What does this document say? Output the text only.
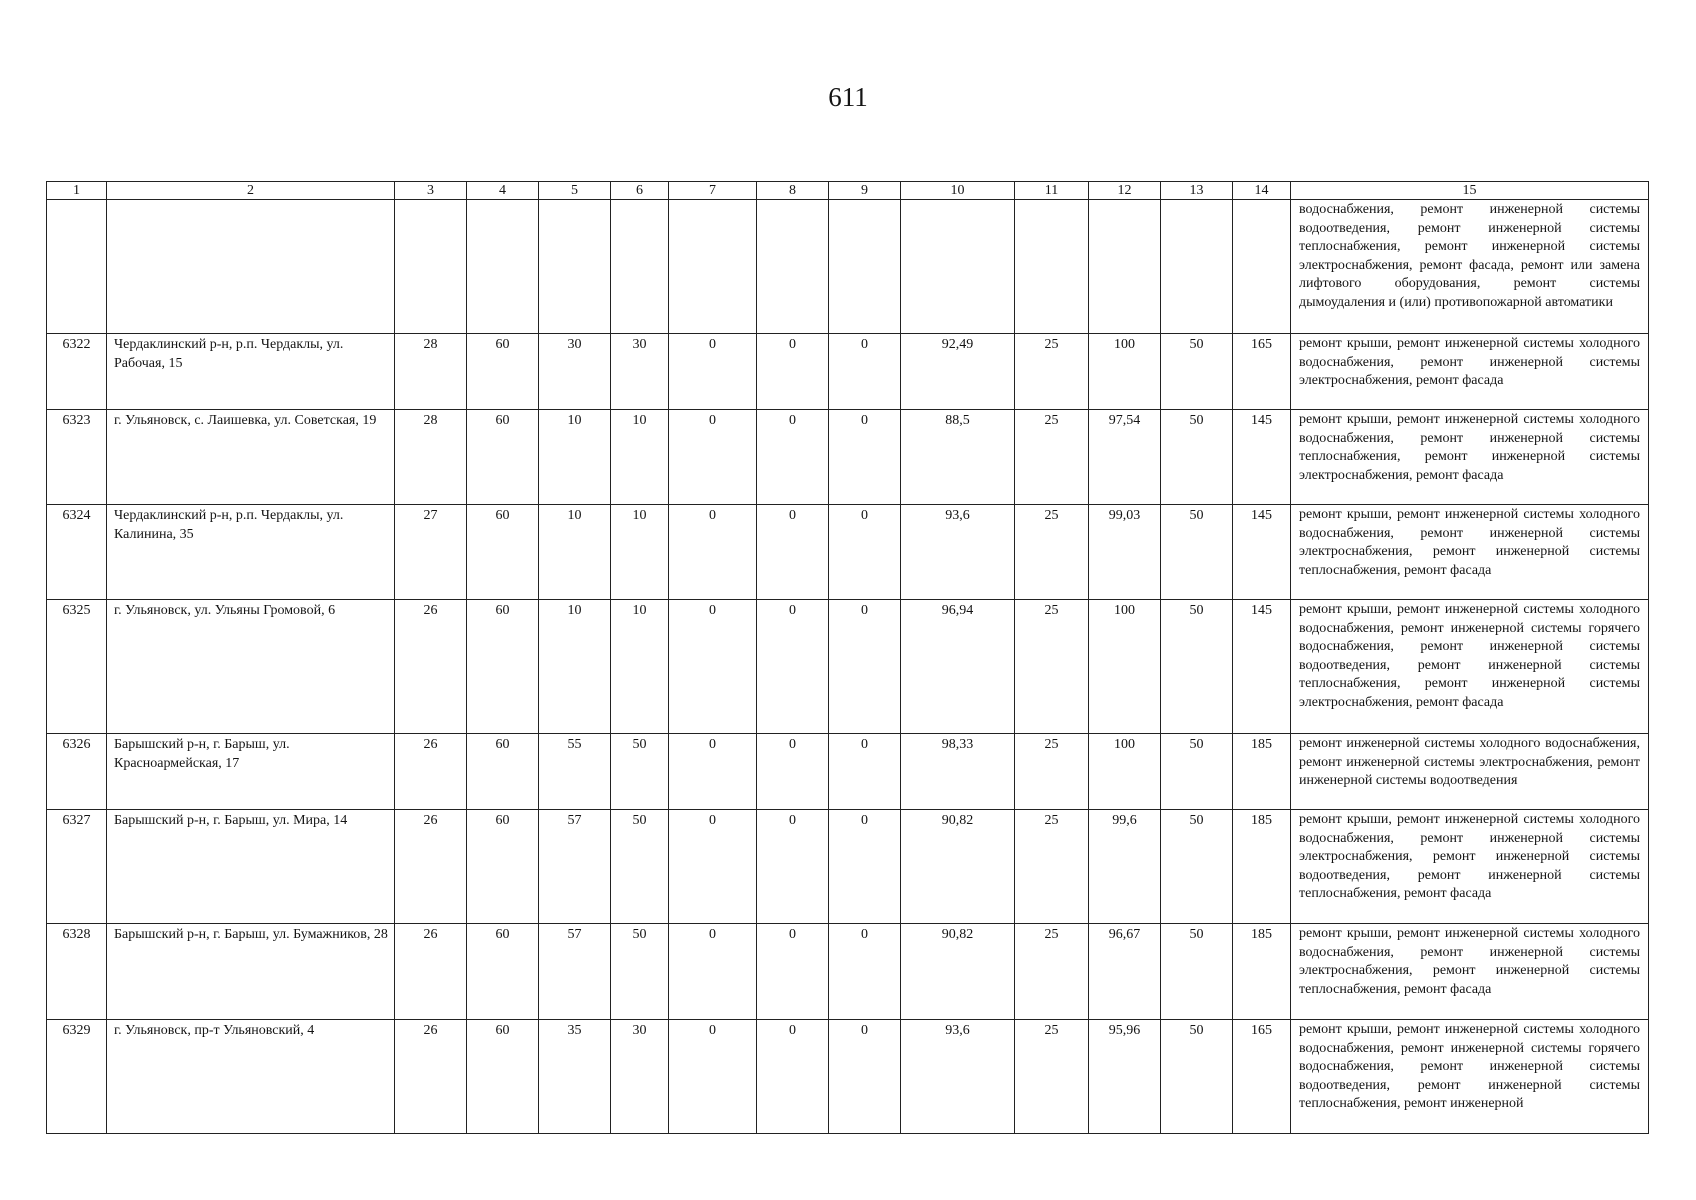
611
1	2	3	4	5	6	7	8	9	10	11	12	13	14	15
														водоснабжения, ремонт инженерной системы водоотведения, ремонт инженерной системы теплоснабжения, ремонт инженерной системы электроснабжения, ремонт фасада, ремонт или замена лифтового оборудования, ремонт системы дымоудаления и (или) противопожарной автоматики
6322	Чердаклинский р-н, р.п. Чердаклы, ул. Рабочая, 15	28	60	30	30	0	0	0	92,49	25	100	50	165	ремонт крыши, ремонт инженерной системы холодного водоснабжения, ремонт инженерной системы электроснабжения, ремонт фасада
6323	г. Ульяновск, с. Лаишевка, ул. Советская, 19	28	60	10	10	0	0	0	88,5	25	97,54	50	145	ремонт крыши, ремонт инженерной системы холодного водоснабжения, ремонт инженерной системы теплоснабжения, ремонт инженерной системы электроснабжения, ремонт фасада
6324	Чердаклинский р-н, р.п. Чердаклы, ул. Калинина, 35	27	60	10	10	0	0	0	93,6	25	99,03	50	145	ремонт крыши, ремонт инженерной системы холодного водоснабжения, ремонт инженерной системы электроснабжения, ремонт инженерной системы теплоснабжения, ремонт фасада
6325	г. Ульяновск, ул. Ульяны Громовой, 6	26	60	10	10	0	0	0	96,94	25	100	50	145	ремонт крыши, ремонт инженерной системы холодного водоснабжения, ремонт инженерной системы горячего водоснабжения, ремонт инженерной системы водоотведения, ремонт инженерной системы теплоснабжения, ремонт инженерной системы электроснабжения, ремонт фасада
6326	Барышский р-н, г. Барыш, ул. Красноармейская, 17	26	60	55	50	0	0	0	98,33	25	100	50	185	ремонт инженерной системы холодного водоснабжения, ремонт инженерной системы электроснабжения, ремонт инженерной системы водоотведения
6327	Барышский р-н, г. Барыш, ул. Мира, 14	26	60	57	50	0	0	0	90,82	25	99,6	50	185	ремонт крыши, ремонт инженерной системы холодного водоснабжения, ремонт инженерной системы электроснабжения, ремонт инженерной системы водоотведения, ремонт инженерной системы теплоснабжения, ремонт фасада
6328	Барышский р-н, г. Барыш, ул. Бумажников, 28	26	60	57	50	0	0	0	90,82	25	96,67	50	185	ремонт крыши, ремонт инженерной системы холодного водоснабжения, ремонт инженерной системы электроснабжения, ремонт инженерной системы теплоснабжения, ремонт фасада
6329	г. Ульяновск, пр-т Ульяновский, 4	26	60	35	30	0	0	0	93,6	25	95,96	50	165	ремонт крыши, ремонт инженерной системы холодного водоснабжения, ремонт инженерной системы горячего водоснабжения, ремонт инженерной системы водоотведения, ремонт инженерной системы теплоснабжения, ремонт инженерной
